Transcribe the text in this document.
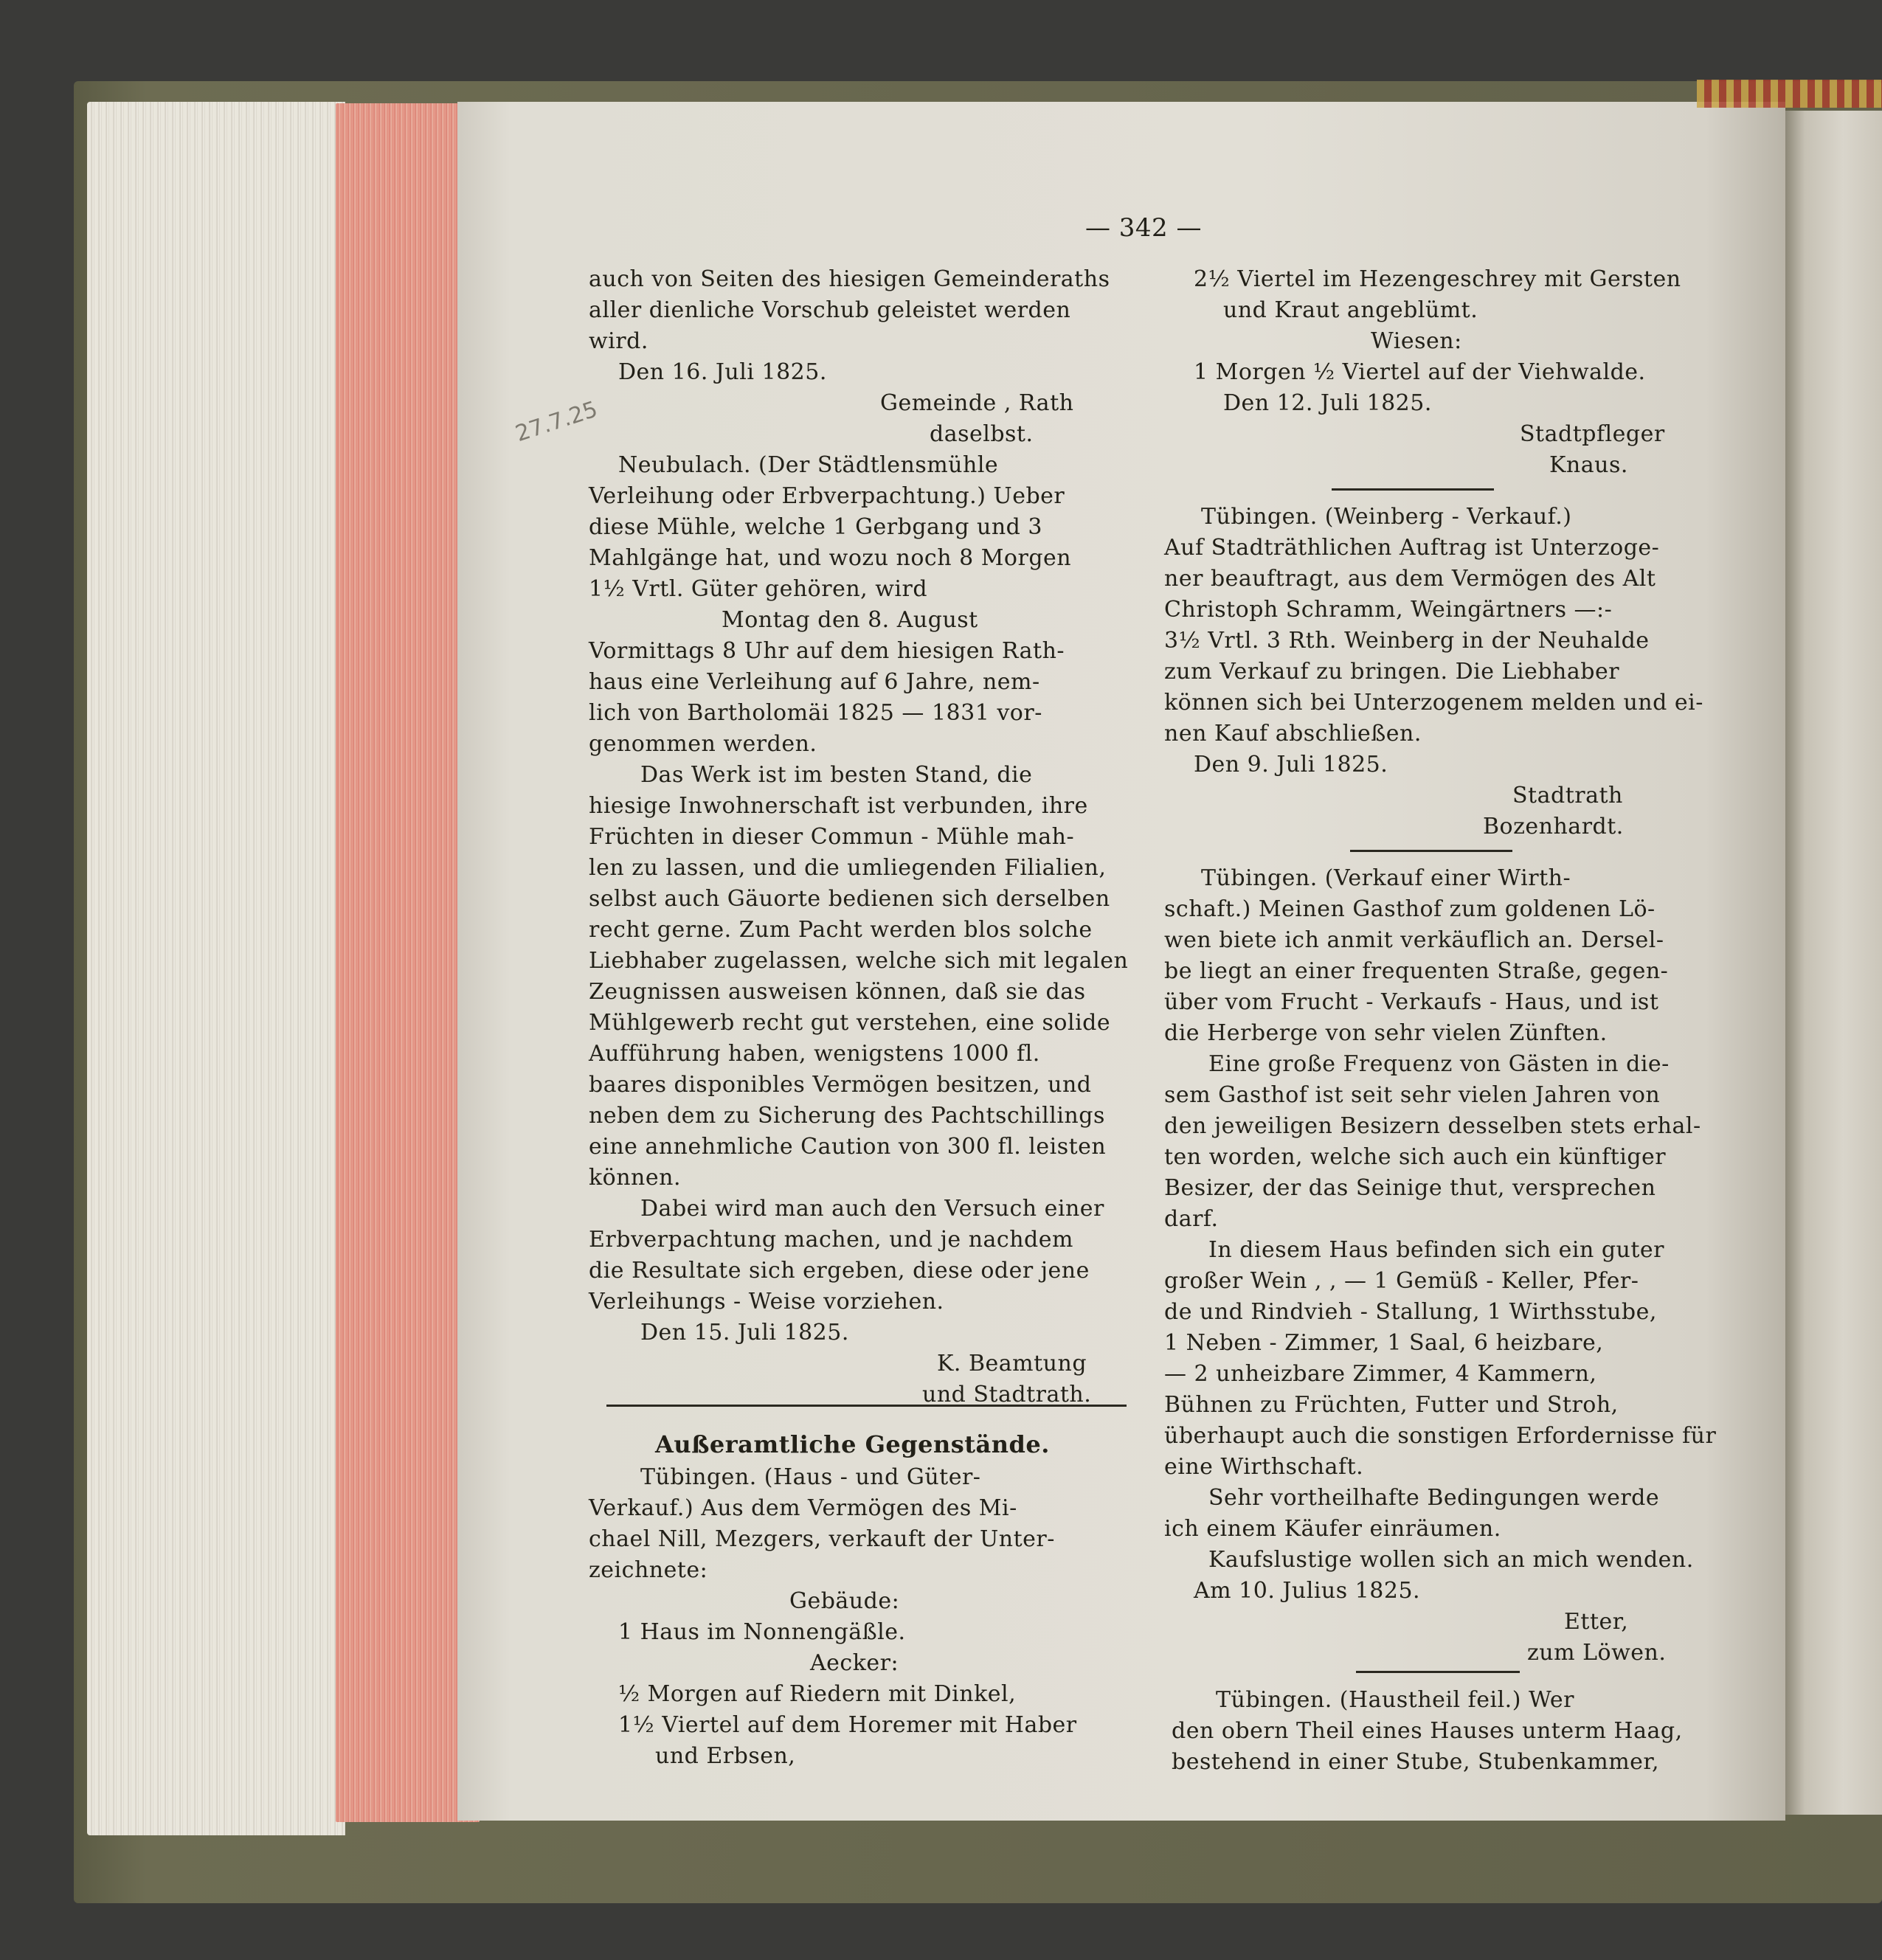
— 342 —
27.7.25
auch von Seiten des hiesigen Gemeinderaths
aller dienliche Vorschub geleistet werden
wird.
Den 16. Juli 1825.
Gemeinde , Rath
daselbst.
Neubulach. (Der Städtlensmühle
Verleihung oder Erbverpachtung.) Ueber
diese Mühle, welche 1 Gerbgang und 3
Mahlgänge hat, und wozu noch 8 Morgen
1½ Vrtl. Güter gehören, wird
Montag den 8. August
Vormittags 8 Uhr auf dem hiesigen Rath-
haus eine Verleihung auf 6 Jahre, nem-
lich von Bartholomäi 1825 — 1831 vor-
genommen werden.
Das Werk ist im besten Stand, die
hiesige Inwohnerschaft ist verbunden, ihre
Früchten in dieser Commun - Mühle mah-
len zu lassen, und die umliegenden Filialien,
selbst auch Gäuorte bedienen sich derselben
recht gerne. Zum Pacht werden blos solche
Liebhaber zugelassen, welche sich mit legalen
Zeugnissen ausweisen können, daß sie das
Mühlgewerb recht gut verstehen, eine solide
Aufführung haben, wenigstens 1000 fl.
baares disponibles Vermögen besitzen, und
neben dem zu Sicherung des Pachtschillings
eine annehmliche Caution von 300 fl. leisten
können.
Dabei wird man auch den Versuch einer
Erbverpachtung machen, und je nachdem
die Resultate sich ergeben, diese oder jene
Verleihungs - Weise vorziehen.
Den 15. Juli 1825.
K. Beamtung
und Stadtrath.
Außeramtliche Gegenstände.
Tübingen. (Haus - und Güter-
Verkauf.) Aus dem Vermögen des Mi-
chael Nill, Mezgers, verkauft der Unter-
zeichnete:
Gebäude:
1 Haus im Nonnengäßle.
Aecker:
½ Morgen auf Riedern mit Dinkel,
1½ Viertel auf dem Horemer mit Haber
und Erbsen,
2½ Viertel im Hezengeschrey mit Gersten
und Kraut angeblümt.
Wiesen:
1 Morgen ½ Viertel auf der Viehwalde.
Den 12. Juli 1825.
Stadtpfleger
Knaus.
Tübingen. (Weinberg - Verkauf.)
Auf Stadträthlichen Auftrag ist Unterzoge-
ner beauftragt, aus dem Vermögen des Alt
Christoph Schramm, Weingärtners —:-
3½ Vrtl. 3 Rth. Weinberg in der Neuhalde
zum Verkauf zu bringen. Die Liebhaber
können sich bei Unterzogenem melden und ei-
nen Kauf abschließen.
Den 9. Juli 1825.
Stadtrath
Bozenhardt.
Tübingen. (Verkauf einer Wirth-
schaft.) Meinen Gasthof zum goldenen Lö-
wen biete ich anmit verkäuflich an. Dersel-
be liegt an einer frequenten Straße, gegen-
über vom Frucht - Verkaufs - Haus, und ist
die Herberge von sehr vielen Zünften.
Eine große Frequenz von Gästen in die-
sem Gasthof ist seit sehr vielen Jahren von
den jeweiligen Besizern desselben stets erhal-
ten worden, welche sich auch ein künftiger
Besizer, der das Seinige thut, versprechen
darf.
In diesem Haus befinden sich ein guter
großer Wein , , — 1 Gemüß - Keller, Pfer-
de und Rindvieh - Stallung, 1 Wirthsstube,
1 Neben - Zimmer, 1 Saal, 6 heizbare,
— 2 unheizbare Zimmer, 4 Kammern,
Bühnen zu Früchten, Futter und Stroh,
überhaupt auch die sonstigen Erfordernisse für
eine Wirthschaft.
Sehr vortheilhafte Bedingungen werde
ich einem Käufer einräumen.
Kaufslustige wollen sich an mich wenden.
Am 10. Julius 1825.
Etter,
zum Löwen.
Tübingen. (Haustheil feil.) Wer
den obern Theil eines Hauses unterm Haag,
bestehend in einer Stube, Stubenkammer,
